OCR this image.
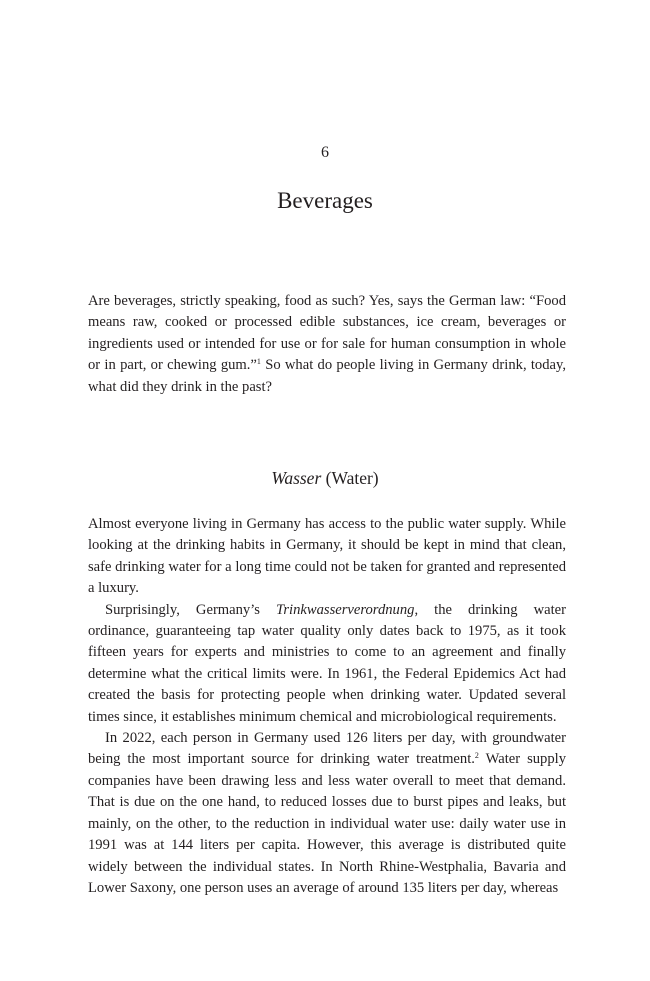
6
Beverages

Are beverages, strictly speaking, food as such? Yes, says the German law: “Food means raw, cooked or processed edible substances, ice cream, beverages or ingredients used or intended for use or for sale for human consumption in whole or in part, or chewing gum.”$^1$ So what do people living in Germany drink, today, what did they drink in the past?

Wasser (Water)

Almost everyone living in Germany has access to the public water supply. While looking at the drinking habits in Germany, it should be kept in mind that clean, safe drinking water for a long time could not be taken for granted and represented a luxury.

Surprisingly, Germany’s Trinkwasserverordnung, the drinking water ordinance, guaranteeing tap water quality only dates back to 1975, as it took fifteen years for experts and ministries to come to an agreement and finally determine what the critical limits were. In 1961, the Federal Epidemics Act had created the basis for protecting people when drinking water. Updated several times since, it establishes minimum chemical and microbiological requirements.

In 2022, each person in Germany used 126 liters per day, with groundwater being the most important source for drinking water treatment.$^2$ Water supply companies have been drawing less and less water overall to meet that demand. That is due on the one hand, to reduced losses due to burst pipes and leaks, but mainly, on the other, to the reduction in individual water use: daily water use in 1991 was at 144 liters per capita. However, this average is distributed quite widely between the individual states. In North Rhine-Westphalia, Bavaria and Lower Saxony, one person uses an average of around 135 liters per day, whereas
